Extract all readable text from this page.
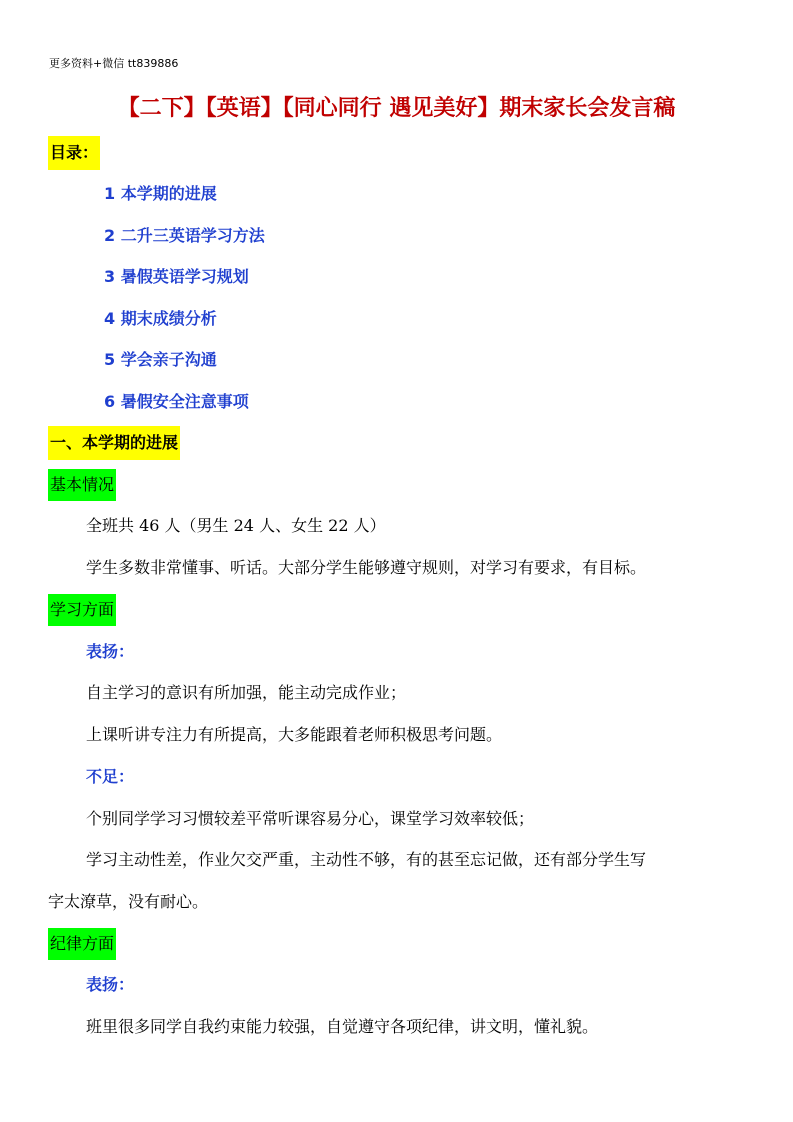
更多资料+微信 tt839886
【二下】【英语】【同心同行 遇见美好】期末家长会发言稿
目录：
1 本学期的进展
2 二升三英语学习方法
3 暑假英语学习规划
4 期末成绩分析
5 学会亲子沟通
6 暑假安全注意事项
一、本学期的进展
基本情况
全班共 46 人（男生 24 人、女生 22 人）
学生多数非常懂事、听话。大部分学生能够遵守规则，对学习有要求，有目标。
学习方面
表扬：
自主学习的意识有所加强，能主动完成作业；
上课听讲专注力有所提高，大多能跟着老师积极思考问题。
不足：
个别同学学习习惯较差平常听课容易分心，课堂学习效率较低；
学习主动性差，作业欠交严重，主动性不够，有的甚至忘记做，还有部分学生写
字太潦草，没有耐心。
纪律方面
表扬：
班里很多同学自我约束能力较强，自觉遵守各项纪律，讲文明，懂礼貌。
